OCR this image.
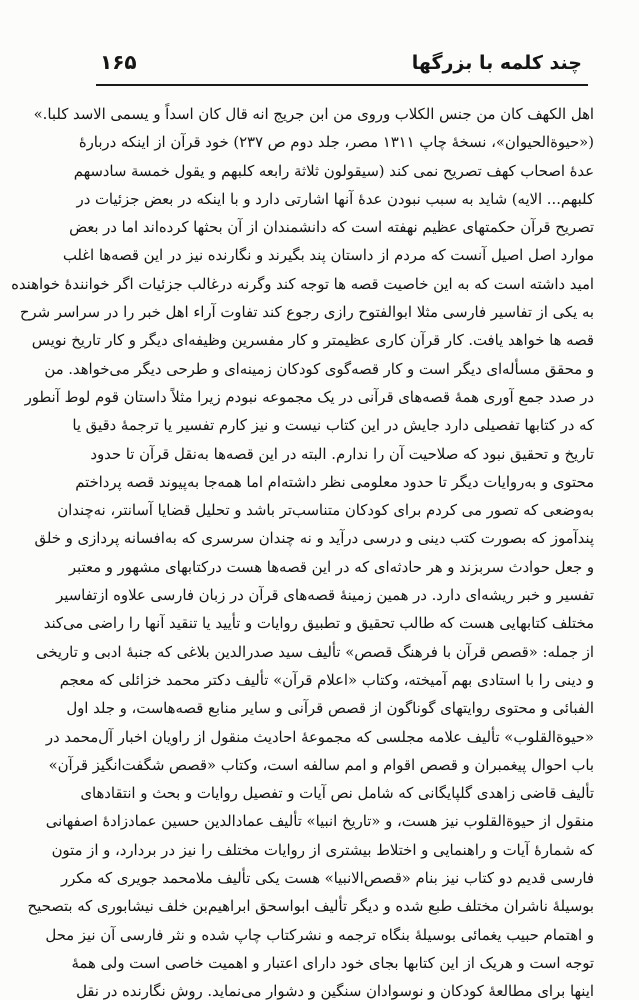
چند کلمه با بزرگها
۱۶۵
اهل الکهف کان من جنس الکلاب وروی من ابن جریج انه قال کان اسداً و یسمی الاسد کلبا.»
(«حیوة‌الحیوان»، نسخهٔ چاپ ۱۳۱۱ مصر، جلد دوم ص ۲۳۷) خود قرآن از اینکه دربارهٔ
عدهٔ اصحاب کهف تصریح نمی کند (سیقولون ثلاثة رابعه کلبهم و یقول خمسة سادسهم
کلبهم... الایه) شاید به سبب نبودن عدهٔ آنها اشارتی دارد و با اینکه در بعض جزئیات در
تصریح قرآن حکمتهای عظیم نهفته است که دانشمندان از آن بحثها کرده‌اند اما در بعض
موارد اصل اصیل آنست که مردم از داستان پند بگیرند و نگارنده نیز در این قصه‌ها اغلب
امید داشته است که به این خاصیت قصه ها توجه کند وگرنه درغالب جزئیات اگر خوانندهٔ خواهنده
به یکی از تفاسیر فارسی مثلا ابوالفتوح رازی رجوع کند تفاوت آراء اهل خبر را در سراسر شرح
قصه ها خواهد یافت. کار قرآن کاری عظیمتر و کار مفسرین وظیفه‌ای دیگر و کار تاریخ نویس
و محقق مسأله‌ای دیگر است و کار قصه‌گوی کودکان زمینه‌ای و طرحی دیگر می‌خواهد. من
در صدد جمع آوری همهٔ قصه‌های قرآنی در یک مجموعه نبودم زیرا مثلاً داستان قوم لوط آنطور
که در کتابها تفصیلی دارد جایش در این کتاب نیست و نیز کارم تفسیر یا ترجمهٔ دقیق یا
تاریخ و تحقیق نبود که صلاحیت آن را ندارم. البته در این قصه‌ها به‌نقل قرآن تا حدود
محتوی و به‌روایات دیگر تا حدود معلومی نظر داشته‌ام اما همه‌جا به‌پیوند قصه پرداختم
به‌وضعی که تصور می کردم برای کودکان متناسب‌تر باشد و تحلیل قضایا آسانتر، نه‌چندان
پندآموز که بصورت کتب دینی و درسی درآید و نه چندان سرسری که به‌افسانه پردازی و خلق
و جعل حوادث سربزند و هر حادثه‌ای که در این قصه‌ها هست درکتابهای مشهور و معتبر
تفسیر و خبر ریشه‌ای دارد. در همین زمینهٔ قصه‌های قرآن در زبان فارسی علاوه ازتفاسیر
مختلف کتابهایی هست که طالب تحقیق و تطبیق روایات و تأیید یا تنقید آنها را راضی می‌کند
از جمله: «قصص قرآن با فرهنگ قصص» تألیف سید صدرالدین بلاغی که جنبهٔ ادبی و تاریخی
و دینی را با استادی بهم آمیخته، وکتاب «اعلام قرآن» تألیف دکتر محمد خزائلی که معجم
الفبائی و محتوی روایتهای گوناگون از قصص قرآنی و سایر منابع قصه‌هاست، و جلد اول
«حیوة‌القلوب» تألیف علامه مجلسی که مجموعهٔ احادیث منقول از راویان اخبار آل‌محمد در
باب احوال پیغمبران و قصص اقوام و امم سالفه است، وکتاب «قصص شگفت‌انگیز قرآن»
تألیف قاضی زاهدی گلپایگانی که شامل نص آیات و تفصیل روایات و بحث و انتقادهای
منقول از حیوة‌القلوب نیز هست، و «تاریخ انبیا» تألیف عمادالدین حسین عمادزادهٔ اصفهانی
که شمارهٔ آیات و راهنمایی و اختلاط بیشتری از روایات مختلف را نیز در بردارد، و از متون
فارسی قدیم دو کتاب نیز بنام «قصص‌الانبیا» هست یکی تألیف ملامحمد جویری که مکرر
بوسیلهٔ ناشران مختلف طبع شده و دیگر تألیف ابواسحق ابراهیم‌بن خلف نیشابوری که بتصحیح
و اهتمام حبیب یغمائی بوسیلهٔ بنگاه ترجمه و نشرکتاب چاپ شده و نثر فارسی آن نیز محل
توجه است و هریک از این کتابها بجای خود دارای اعتبار و اهمیت خاصی است ولی همهٔ
اینها برای مطالعهٔ کودکان و نوسوادان سنگین و دشوار می‌نماید. روش نگارنده در نقل
